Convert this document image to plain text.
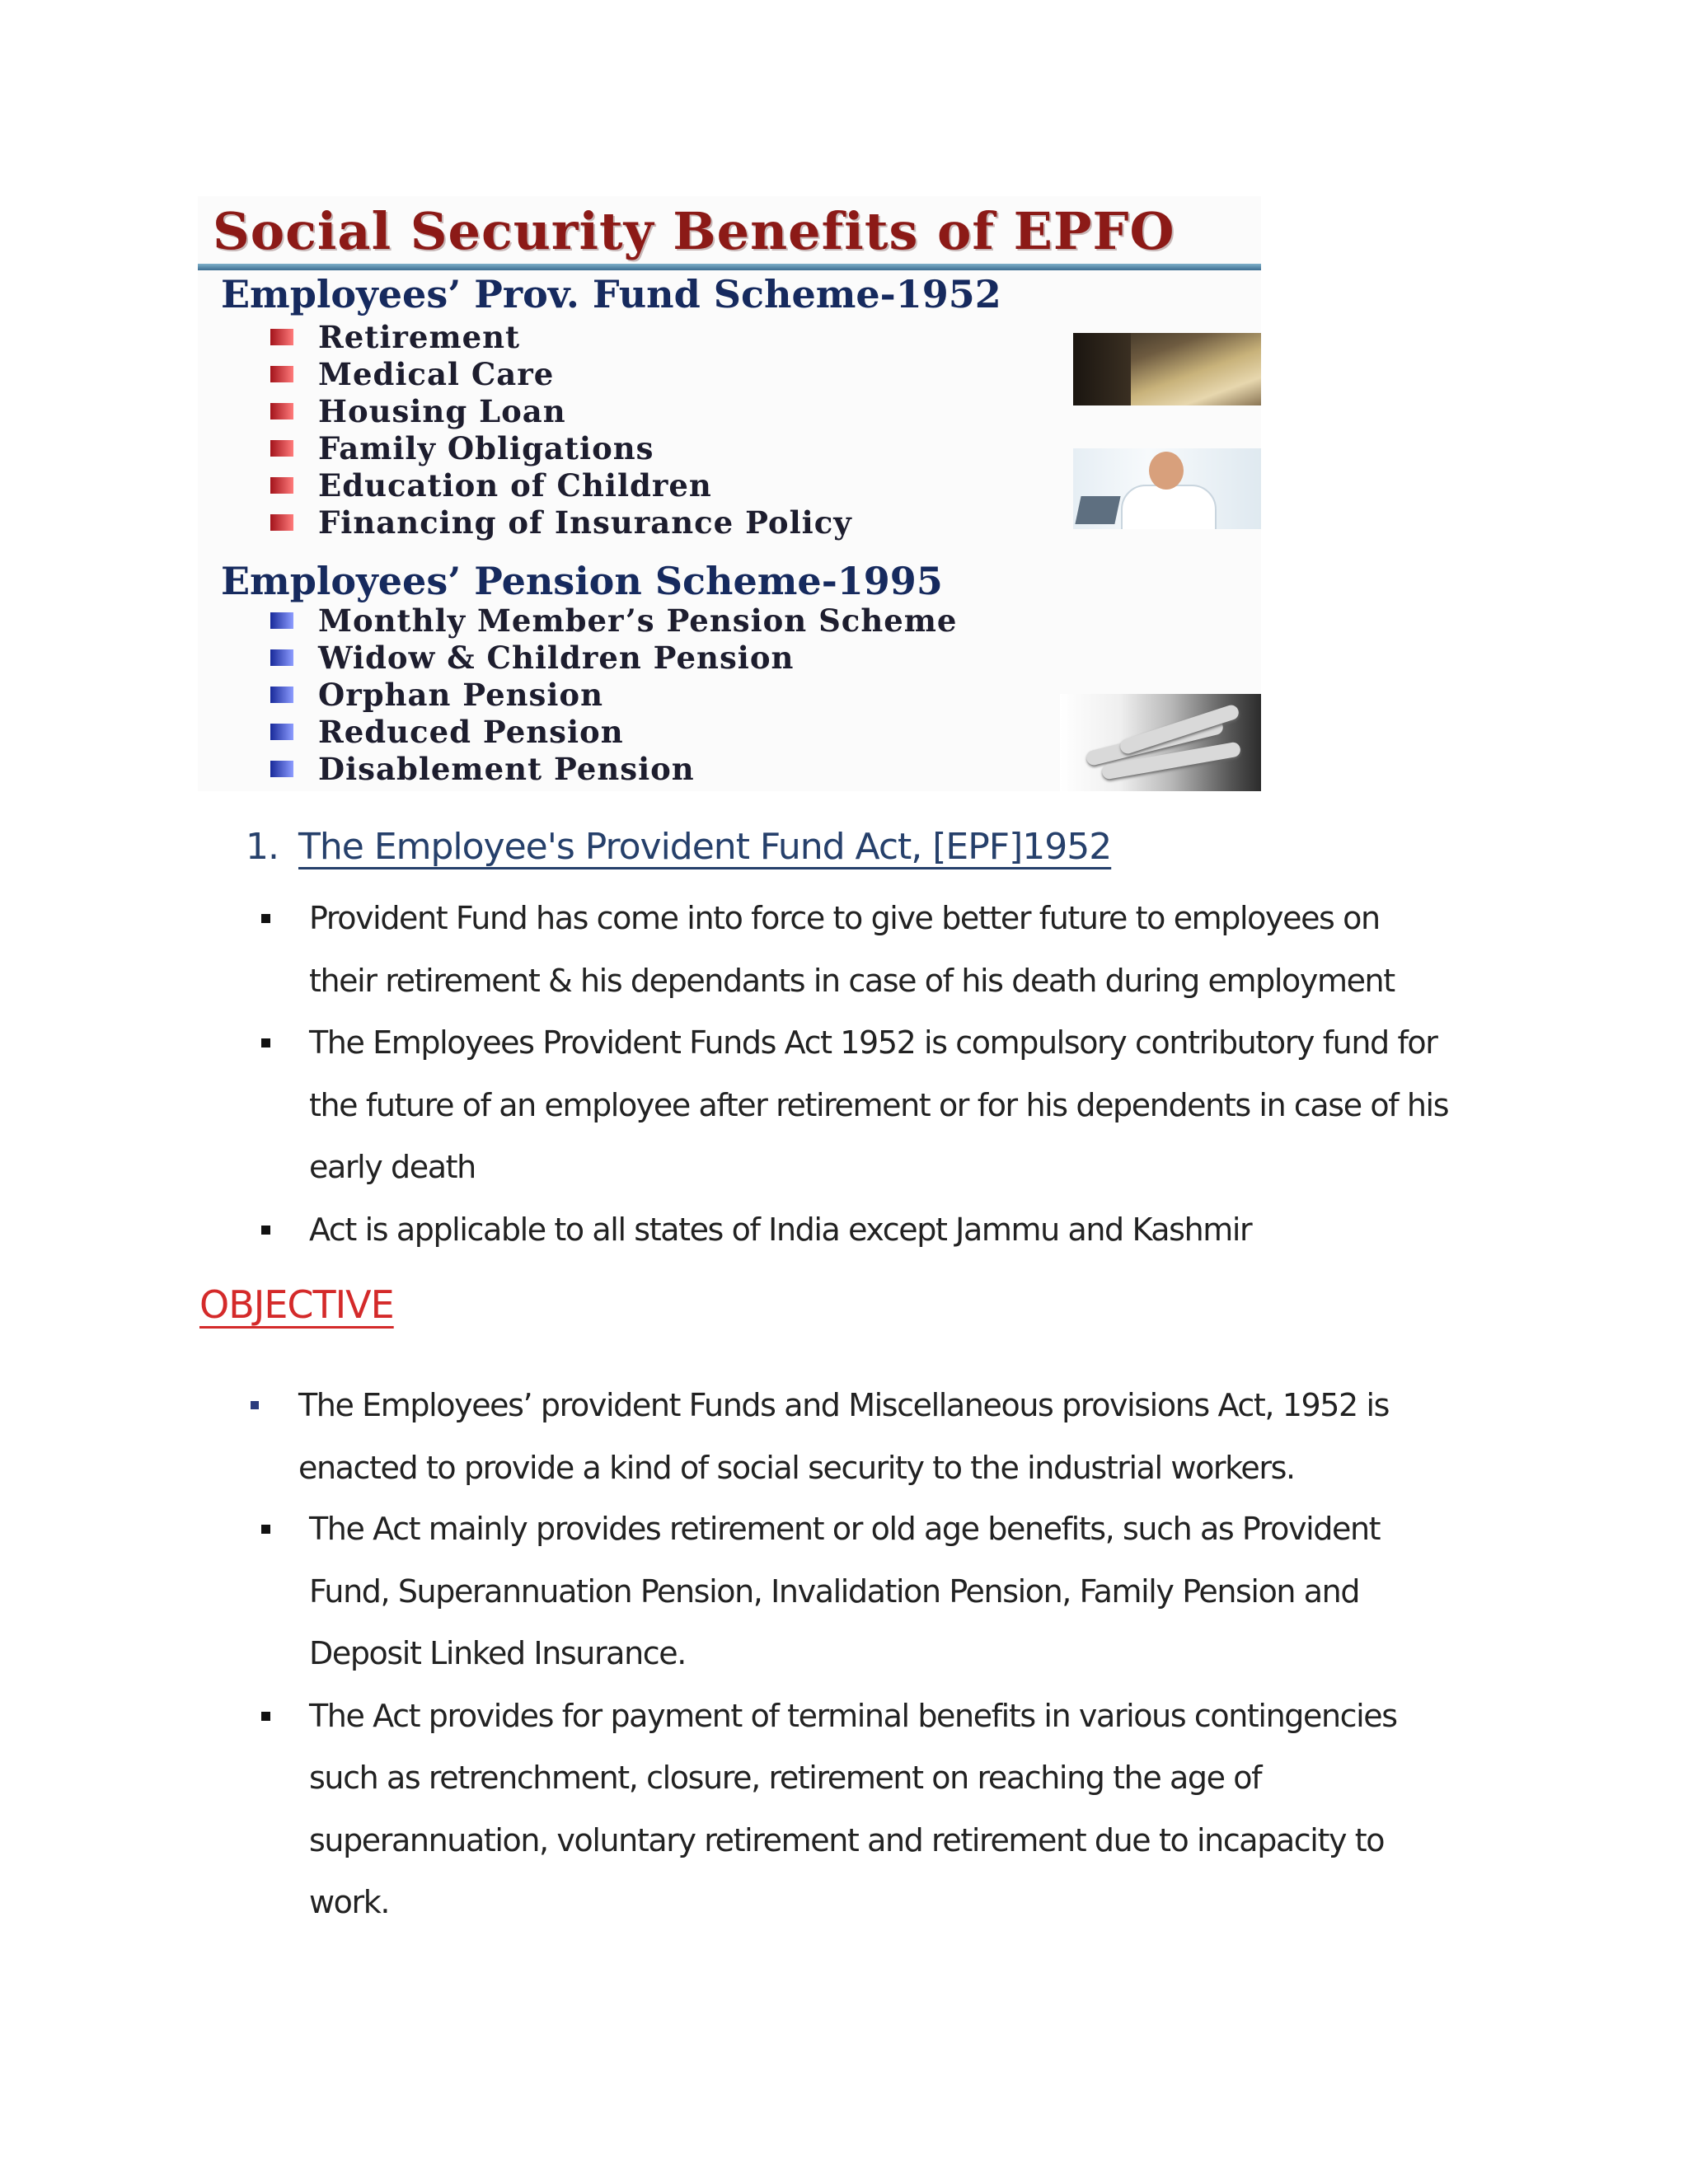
Social Security Benefits of EPFO
Employees’ Prov. Fund Scheme-1952
Retirement
Medical Care
Housing Loan
Family Obligations
Education of Children
Financing of Insurance Policy
Employees’ Pension Scheme-1995
Monthly Member’s Pension Scheme
Widow & Children Pension
Orphan Pension
Reduced Pension
Disablement Pension
1. The Employee's Provident Fund Act, [EPF]1952
Provident Fund has come into force to give better future to employees on
their retirement & his dependants in case of his death during employment
The Employees Provident Funds Act 1952 is compulsory contributory fund for
the future of an employee after retirement or for his dependents in case of his
early death
Act is applicable to all states of India except Jammu and Kashmir
OBJECTIVE
The Employees’ provident Funds and Miscellaneous provisions Act, 1952 is
enacted to provide a kind of social security to the industrial workers.
The Act mainly provides retirement or old age benefits, such as Provident
Fund, Superannuation Pension, Invalidation Pension, Family Pension and
Deposit Linked Insurance.
The Act provides for payment of terminal benefits in various contingencies
such as retrenchment, closure, retirement on reaching the age of
superannuation, voluntary retirement and retirement due to incapacity to
work.
